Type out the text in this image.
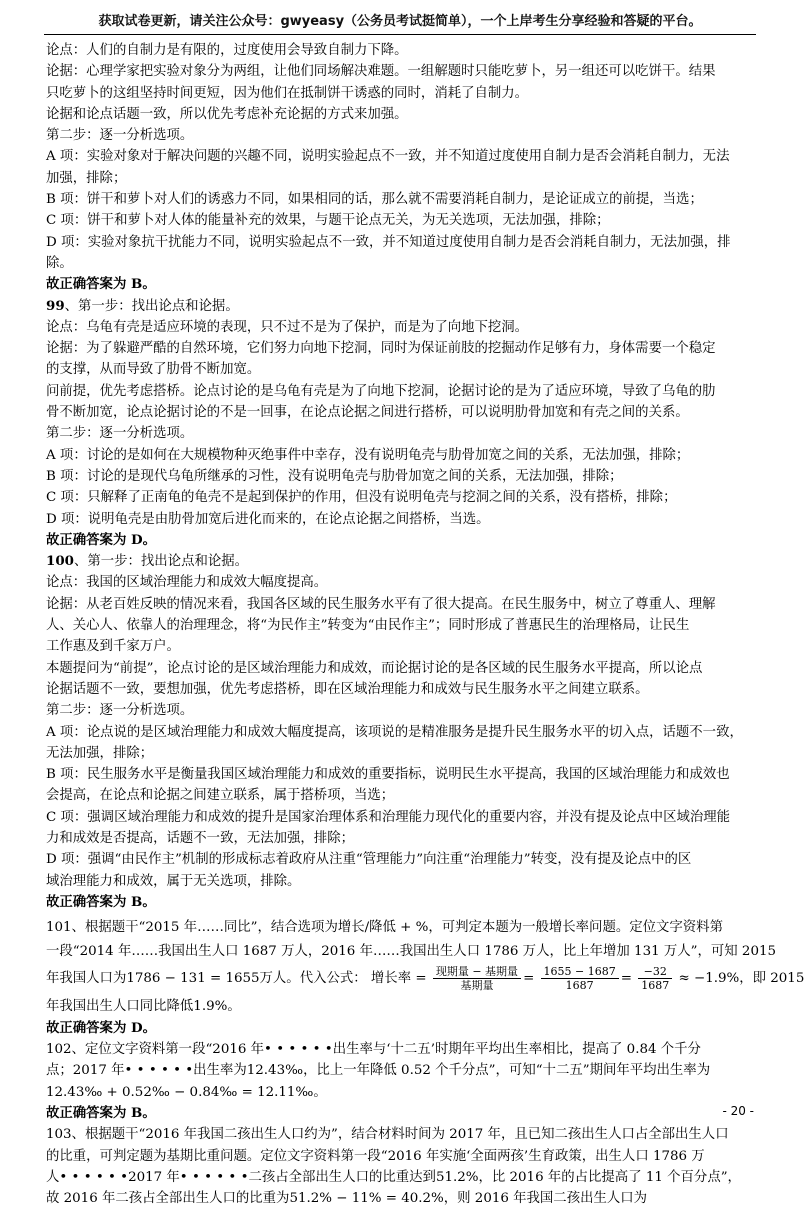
获取试卷更新，请关注公众号：gwyeasy（公务员考试挺简单），一个上岸考生分享经验和答疑的平台。
论点：人们的自制力是有限的，过度使用会导致自制力下降。
论据：心理学家把实验对象分为两组，让他们同场解决难题。一组解题时只能吃萝卜，另一组还可以吃饼干。结果
只吃萝卜的这组坚持时间更短，因为他们在抵制饼干诱惑的同时，消耗了自制力。
论据和论点话题一致，所以优先考虑补充论据的方式来加强。
第二步：逐一分析选项。
A 项：实验对象对于解决问题的兴趣不同，说明实验起点不一致，并不知道过度使用自制力是否会消耗自制力，无法
加强，排除；
B 项：饼干和萝卜对人们的诱惑力不同，如果相同的话，那么就不需要消耗自制力，是论证成立的前提，当选；
C 项：饼干和萝卜对人体的能量补充的效果，与题干论点无关，为无关选项，无法加强，排除；
D 项：实验对象抗干扰能力不同，说明实验起点不一致，并不知道过度使用自制力是否会消耗自制力，无法加强，排
除。
故正确答案为 B。
99、第一步：找出论点和论据。
论点：乌龟有壳是适应环境的表现，只不过不是为了保护，而是为了向地下挖洞。
论据：为了躲避严酷的自然环境，它们努力向地下挖洞，同时为保证前肢的挖掘动作足够有力，身体需要一个稳定
的支撑，从而导致了肋骨不断加宽。
问前提，优先考虑搭桥。论点讨论的是乌龟有壳是为了向地下挖洞，论据讨论的是为了适应环境，导致了乌龟的肋
骨不断加宽，论点论据讨论的不是一回事，在论点论据之间进行搭桥，可以说明肋骨加宽和有壳之间的关系。
第二步：逐一分析选项。
A 项：讨论的是如何在大规模物种灭绝事件中幸存，没有说明龟壳与肋骨加宽之间的关系，无法加强，排除；
B 项：讨论的是现代乌龟所继承的习性，没有说明龟壳与肋骨加宽之间的关系，无法加强，排除；
C 项：只解释了正南龟的龟壳不是起到保护的作用，但没有说明龟壳与挖洞之间的关系，没有搭桥，排除；
D 项：说明龟壳是由肋骨加宽后进化而来的，在论点论据之间搭桥，当选。
故正确答案为 D。
100、第一步：找出论点和论据。
论点：我国的区域治理能力和成效大幅度提高。
论据：从老百姓反映的情况来看，我国各区域的民生服务水平有了很大提高。在民生服务中，树立了尊重人、理解
人、关心人、依靠人的治理理念，将“为民作主”转变为“由民作主”；同时形成了普惠民生的治理格局，让民生
工作惠及到千家万户。
本题提问为“前提”，论点讨论的是区域治理能力和成效，而论据讨论的是各区域的民生服务水平提高，所以论点
论据话题不一致，要想加强，优先考虑搭桥，即在区域治理能力和成效与民生服务水平之间建立联系。
第二步：逐一分析选项。
A 项：论点说的是区域治理能力和成效大幅度提高，该项说的是精准服务是提升民生服务水平的切入点，话题不一致，
无法加强，排除；
B 项：民生服务水平是衡量我国区域治理能力和成效的重要指标，说明民生水平提高，我国的区域治理能力和成效也
会提高，在论点和论据之间建立联系，属于搭桥项，当选；
C 项：强调区域治理能力和成效的提升是国家治理体系和治理能力现代化的重要内容，并没有提及论点中区域治理能
力和成效是否提高，话题不一致，无法加强，排除；
D 项：强调“由民作主”机制的形成标志着政府从注重“管理能力”向注重“治理能力”转变，没有提及论点中的区
域治理能力和成效，属于无关选项，排除。
故正确答案为 B。
101、根据题干“2015 年……同比”，结合选项为增长/降低 + %，可判定本题为一般增长率问题。定位文字资料第
一段“2014 年……我国出生人口 1687 万人，2016 年……我国出生人口 1786 万人，比上年增加 131 万人”，可知 2015
年我国人口为1786 − 131 = 1655万人。代入公式： 增长率 = $\frac{\text{现期量 − 基期量}}{\text{基期量}} = \frac{1655 - 1687}{1687} = \frac{-32}{1687} \approx -1.9\%$，即 2015
年我国出生人口同比降低1.9%。
故正确答案为 D。
102、定位文字资料第一段“2016 年• • • • • •出生率与‘十二五’时期年平均出生率相比，提高了 0.84 个千分
点；2017 年• • • • • •出生率为12.43‰，比上一年降低 0.52 个千分点”，可知“十二五”期间年平均出生率为
12.43‰ + 0.52‰ − 0.84‰ = 12.11‰。
故正确答案为 B。
103、根据题干“2016 年我国二孩出生人口约为”，结合材料时间为 2017 年，且已知二孩出生人口占全部出生人口
的比重，可判定题为基期比重问题。定位文字资料第一段“2016 年实施‘全面两孩’生育政策，出生人口 1786 万
人• • • • • •2017 年• • • • • •二孩占全部出生人口的比重达到51.2%，比 2016 年的占比提高了 11 个百分点”，
故 2016 年二孩占全部出生人口的比重为51.2% − 11% = 40.2%，则 2016 年我国二孩出生人口为
- 20 -
